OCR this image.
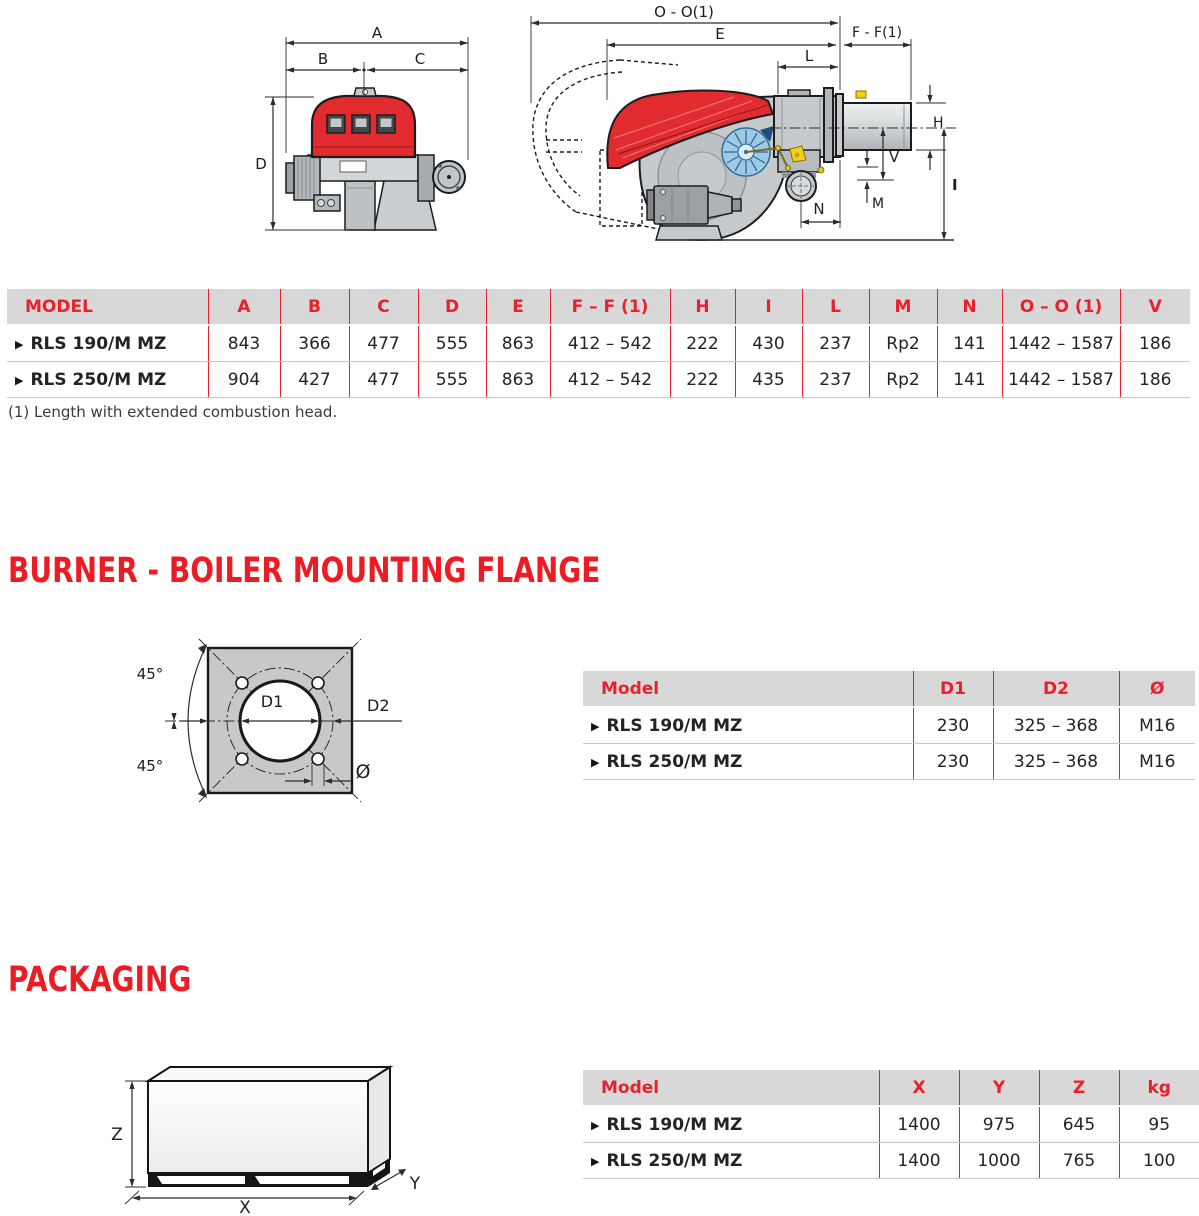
A
B	C
D
O - O(1)
E	F - F(1)
L
H
V
I
M
N
MODEL	A	B	C	D	E	F – F (1)	H	I	L	M	N	O – O (1)	V
▶ RLS 190/M MZ	843	366	477	555	863	412 – 542	222	430	237	Rp2	141	1442 – 1587	186
▶ RLS 250/M MZ	904	427	477	555	863	412 – 542	222	435	237	Rp2	141	1442 – 1587	186

(1) Length with extended combustion head.

BURNER - BOILER MOUNTING FLANGE
D1	D2
45°
45°	Ø
Model	D1	D2	Ø
▶ RLS 190/M MZ	230	325 – 368	M16
▶ RLS 250/M MZ	230	325 – 368	M16
PACKAGING
Z
X
Y
Model	X	Y	Z	kg
▶ RLS 190/M MZ	1400	975	645	95
▶ RLS 250/M MZ	1400	1000	765	100
